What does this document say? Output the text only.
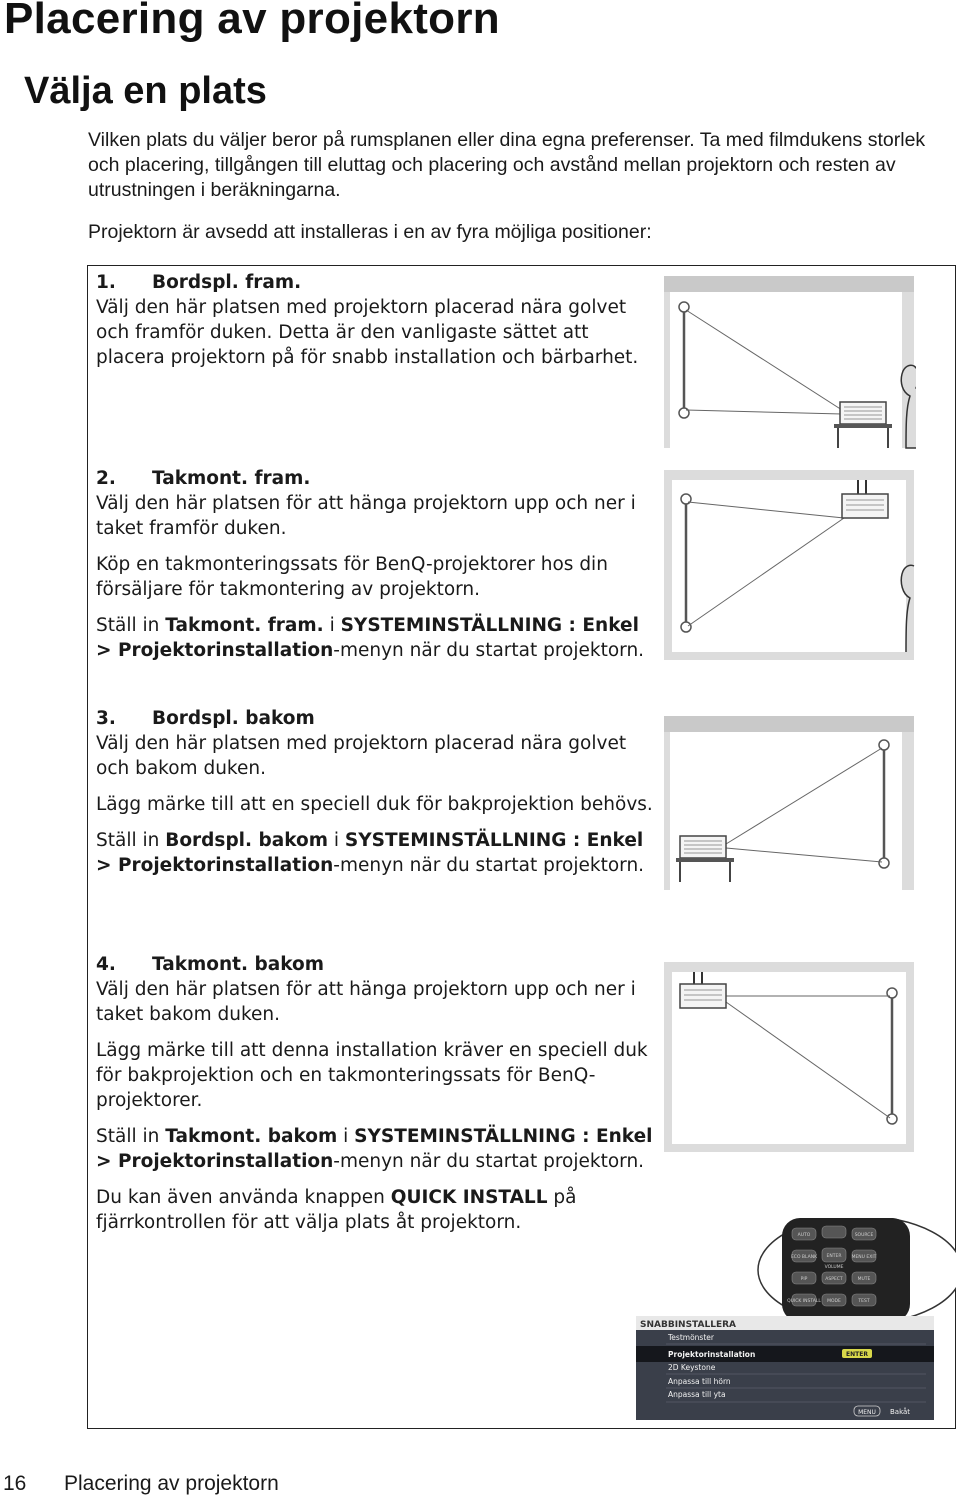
Placering av projektorn
Välja en plats

Vilken plats du väljer beror på rumsplanen eller dina egna preferenser. Ta med filmdukens storlek och placering, tillgången till eluttag och placering och avstånd mellan projektorn och resten av utrustningen i beräkningarna.

Projektorn är avsedd att installeras i en av fyra möjliga positioner:

1. Bordspl. fram.

Välj den här platsen med projektorn placerad nära golvet och framför duken. Detta är den vanligaste sättet att placera projektorn på för snabb installation och bärbarhet.

2. Takmont. fram.

Välj den här platsen för att hänga projektorn upp och ner i taket framför duken.

Köp en takmonteringssats för BenQ-projektorer hos din försäljare för takmontering av projektorn.

Ställ in Takmont. fram. i SYSTEMINSTÄLLNING : Enkel > Projektorinstallation-menyn när du startat projektorn.

3. Bordspl. bakom

Välj den här platsen med projektorn placerad nära golvet och bakom duken.

Lägg märke till att en speciell duk för bakprojektion behövs.

Ställ in Bordspl. bakom i SYSTEMINSTÄLLNING : Enkel > Projektorinstallation-menyn när du startat projektorn.

4. Takmont. bakom

Välj den här platsen för att hänga projektorn upp och ner i taket bakom duken.

Lägg märke till att denna installation kräver en speciell duk för bakprojektion och en takmonteringssats för BenQ-projektorer.

Ställ in Takmont. bakom i SYSTEMINSTÄLLNING : Enkel > Projektorinstallation-menyn när du startat projektorn.

Du kan även använda knappen QUICK INSTALL på fjärrkontrollen för att välja plats åt projektorn.

AUTO	SOURCE
ECO BLANK	MENU EXIT
ENTER
PIP	ASPECT	MUTE
QUICK INSTALL MODE	TEST
VOLUME
SNABBINSTALLERA
Testmönster
Projektorinstallation
2D Keystone
Anpassa till hörn
Anpassa till yta
ENTER
MENU Bakåt
16 Placering av projektorn
